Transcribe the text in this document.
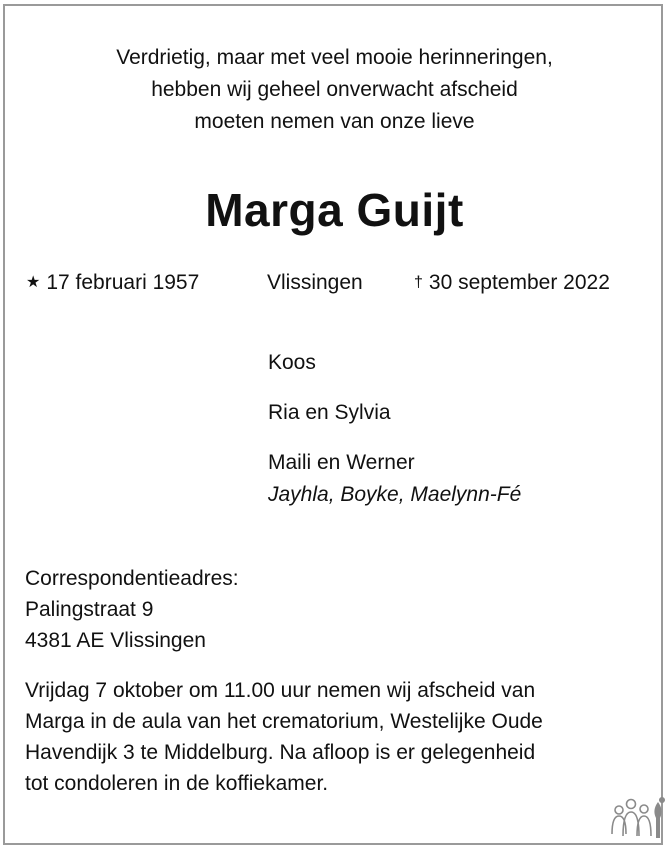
Verdrietig, maar met veel mooie herinneringen,
hebben wij geheel onverwacht afscheid
moeten nemen van onze lieve
Marga Guijt
★ 17 februari 1957	Vlissingen	† 30 september 2022
Koos
Ria en Sylvia
Maili en Werner
Jayhla, Boyke, Maelynn-Fé
Correspondentieadres:
Palingstraat 9
4381 AE Vlissingen
Vrijdag 7 oktober om 11.00 uur nemen wij afscheid van
Marga in de aula van het crematorium, Westelijke Oude
Havendijk 3 te Middelburg. Na afloop is er gelegenheid
tot condoleren in de koffiekamer.
